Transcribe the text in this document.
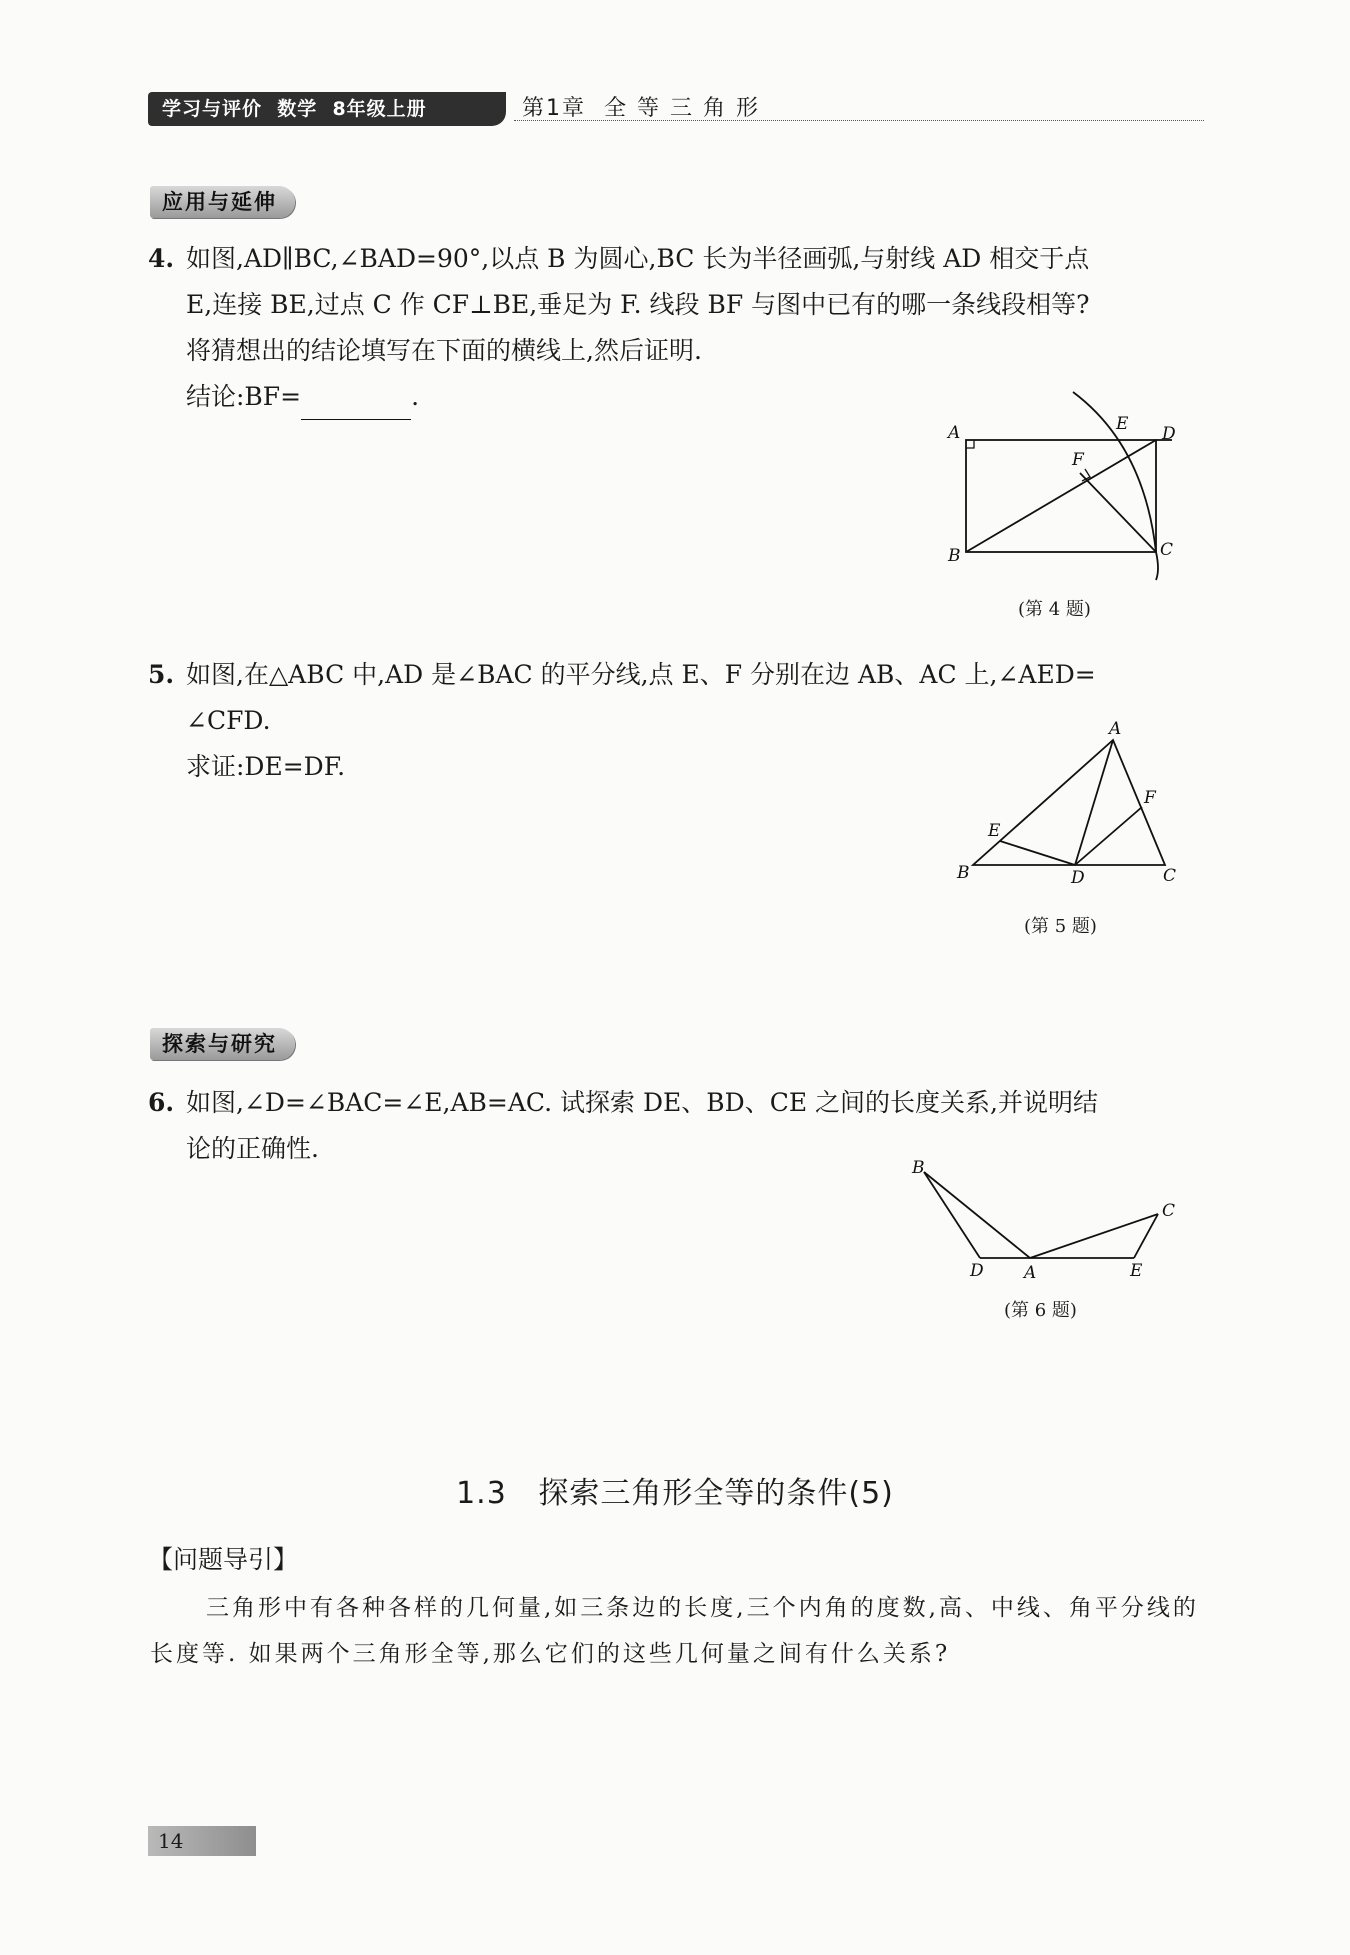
学习与评价  数学  8年级上册	第1章  全 等 三 角 形
应用与延伸
4. 如图,AD∥BC,∠BAD=90°,以点 B 为圆心,BC 长为半径画弧,与射线 AD 相交于点
E,连接 BE,过点 C 作 CF⊥BE,垂足为 F. 线段 BF 与图中已有的哪一条线段相等?
将猜想出的结论填写在下面的横线上,然后证明.
结论:BF=	.
A
B	C
D
E
F
(第 4 题)
5. 如图,在△ABC 中,AD 是∠BAC 的平分线,点 E、F 分别在边 AB、AC 上,∠AED=
∠CFD.
求证:DE=DF.
A
B	C
D
E
F
(第 5 题)
探索与研究
6. 如图,∠D=∠BAC=∠E,AB=AC. 试探索 DE、BD、CE 之间的长度关系,并说明结
论的正确性.
B
C
D A	E
(第 6 题)
1.3   探索三角形全等的条件(5)
【问题导引】
三角形中有各种各样的几何量,如三条边的长度,三个内角的度数,高、中线、角平分线的长度等. 如果两个三角形全等,那么它们的这些几何量之间有什么关系?
14
